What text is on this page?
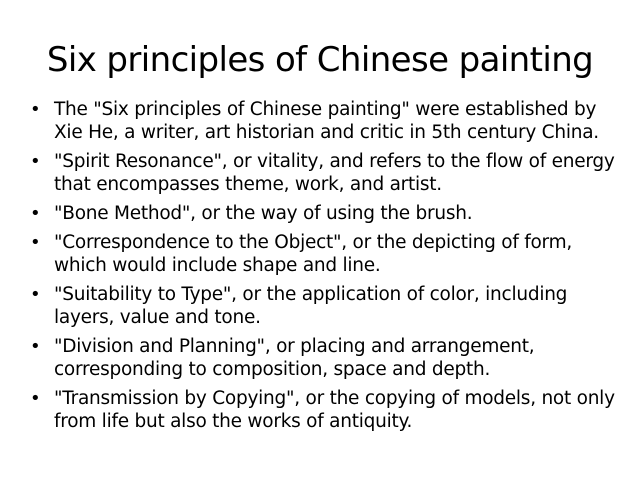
Six principles of Chinese painting
• The "Six principles of Chinese painting" were established by Xie He, a writer, art historian and critic in 5th century China.
• "Spirit Resonance", or vitality, and refers to the flow of energy that encompasses theme, work, and artist.
• "Bone Method", or the way of using the brush.
• "Correspondence to the Object", or the depicting of form, which would include shape and line.
• "Suitability to Type", or the application of color, including layers, value and tone.
• "Division and Planning", or placing and arrangement, corresponding to composition, space and depth.
• "Transmission by Copying", or the copying of models, not only from life but also the works of antiquity.
